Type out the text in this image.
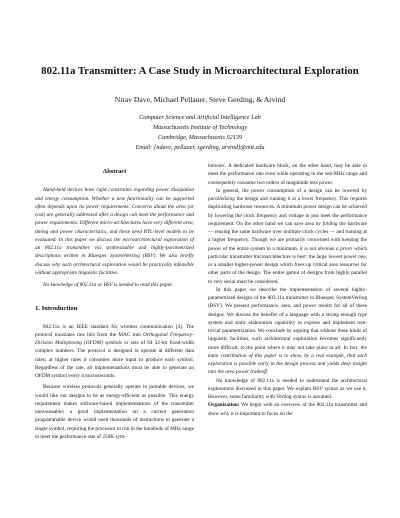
802.11a Transmitter: A Case Study in Microarchitectural Exploration
Nirav Dave, Michael Pellauer, Steve Gerding, & Arvind
Computer Science and Artificial Intelligence Lab
Massachusetts Institute of Technology
Cambridge, Massachusetts 02139
Email: {ndave, pellauer, sgerding, arvind}@mit.edu
Abstract

Hand-held devices have rigid constraints regarding power dissipation and energy consumption. Whether a new functionality can be supported often depends upon its power requirements. Concerns about the area (or cost) are generally addressed after a design can meet the performance and power requirements. Different micro-architectures have very different area, timing and power characteristics, and these need RTL-level models to be evaluated. In this paper we discuss the microarchitectural exploration of an 802.11a transmitter via synthesizable and highly-parametrized descriptions written in Bluespec SystemVerilog (BSV). We also briefly discuss why such architectural exploration would be practically infeasible without appropriate linguistic facilities.

No knowledge of 802.11a or BSV is needed to read this paper.

1. Introduction

802.11a is an IEEE standard for wireless communication [4]. The protocol translates raw bits from the MAC into Orthogonal Frequency-Division Multiplexing (OFDM) symbols or sets of 64 32-bit fixed-width complex numbers. The protocol is designed to operate at different data rates; at higher rates it consumes more input to produce each symbol. Regardless of the rate, all implementations must be able to generate an OFDM symbol every 4 microseconds.

Because wireless protocols generally operate in portable devices, we would like our designs to be as energy-efficient as possible. This energy requirement makes software-based implementations of the transmitter unreasonable; a good implementation on a current generation programmable device would need thousands of instructions to generate a single symbol, requiring the processor to run in the hundreds of MHz range to meet the performance rate of 250K sym-

bols/sec. A dedicated hardware block, on the other hand, may be able to meet the performance rate even while operating in the sub-MHz range and consequently consume two orders of magnitude less power.

In general, the power consumption of a design can be lowered by parallelizing the design and running it at a lower frequency. This requires duplicating hardware resources. A minimum power design can be achieved by lowering the clock frequency and voltage to just meet the performance requirement. On the other hand we can save area by folding the hardware — reusing the same hardware over multiple clock cycles — and running at a higher frequency. Though we are primarily concerned with keeping the power of the entire system to a minimum, it is not obvious a priori which particular transmitter microarchitecture is best: the large lowest power one, or a smaller higher-power design which frees up critical area resources for other parts of the design. The entire gamut of designs from highly parallel to very serial must be considered.

In this paper we describe the implementation of several highly-parametrized designs of the 802.11a transmitter in Bluespec SystemVerilog (BSV). We present performance, area, and power results for all of these designs. We discuss the benefits of a language with a strong enough type system and static elaboration capability to express and implement non-trivial parametrization. We conclude by arguing that without these kinds of linguistic facilities, such architectural exploration becomes significantly more difficult, to the point where it may not take place at all. In fact, the main contribution of this paper is to show, by a real example, that such exploration is possible early in the design process and yields deep insight into the area power tradeoff.

No knowledge of 802.11a is needed to understand the architectural explorations discussed in this paper. We explain BSV syntax as we use it. However, some familiarity with Verilog syntax is assumed.

Organization: We begin with an overview of the 802.11a transmitter and show why it is important to focus on the
